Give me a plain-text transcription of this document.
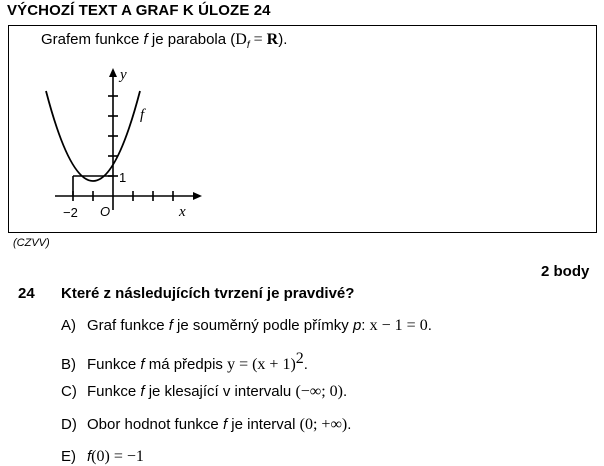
VÝCHOZÍ TEXT A GRAF K ÚLOZE 24
Grafem funkce f je parabola $(D_f = R)$.
y
x
f
1
−2 O
(CZVV)
2 body
24 Které z následujících tvrzení je pravdivé?
A) Graf funkce f je souměrný podle přímky p: x − 1 = 0.
B) Funkce f má předpis $y = (x + 1)^2$.
C) Funkce f je klesající v intervalu (−∞; 0).
D) Obor hodnot funkce f je interval (0; +∞).
E) f(0) = −1
